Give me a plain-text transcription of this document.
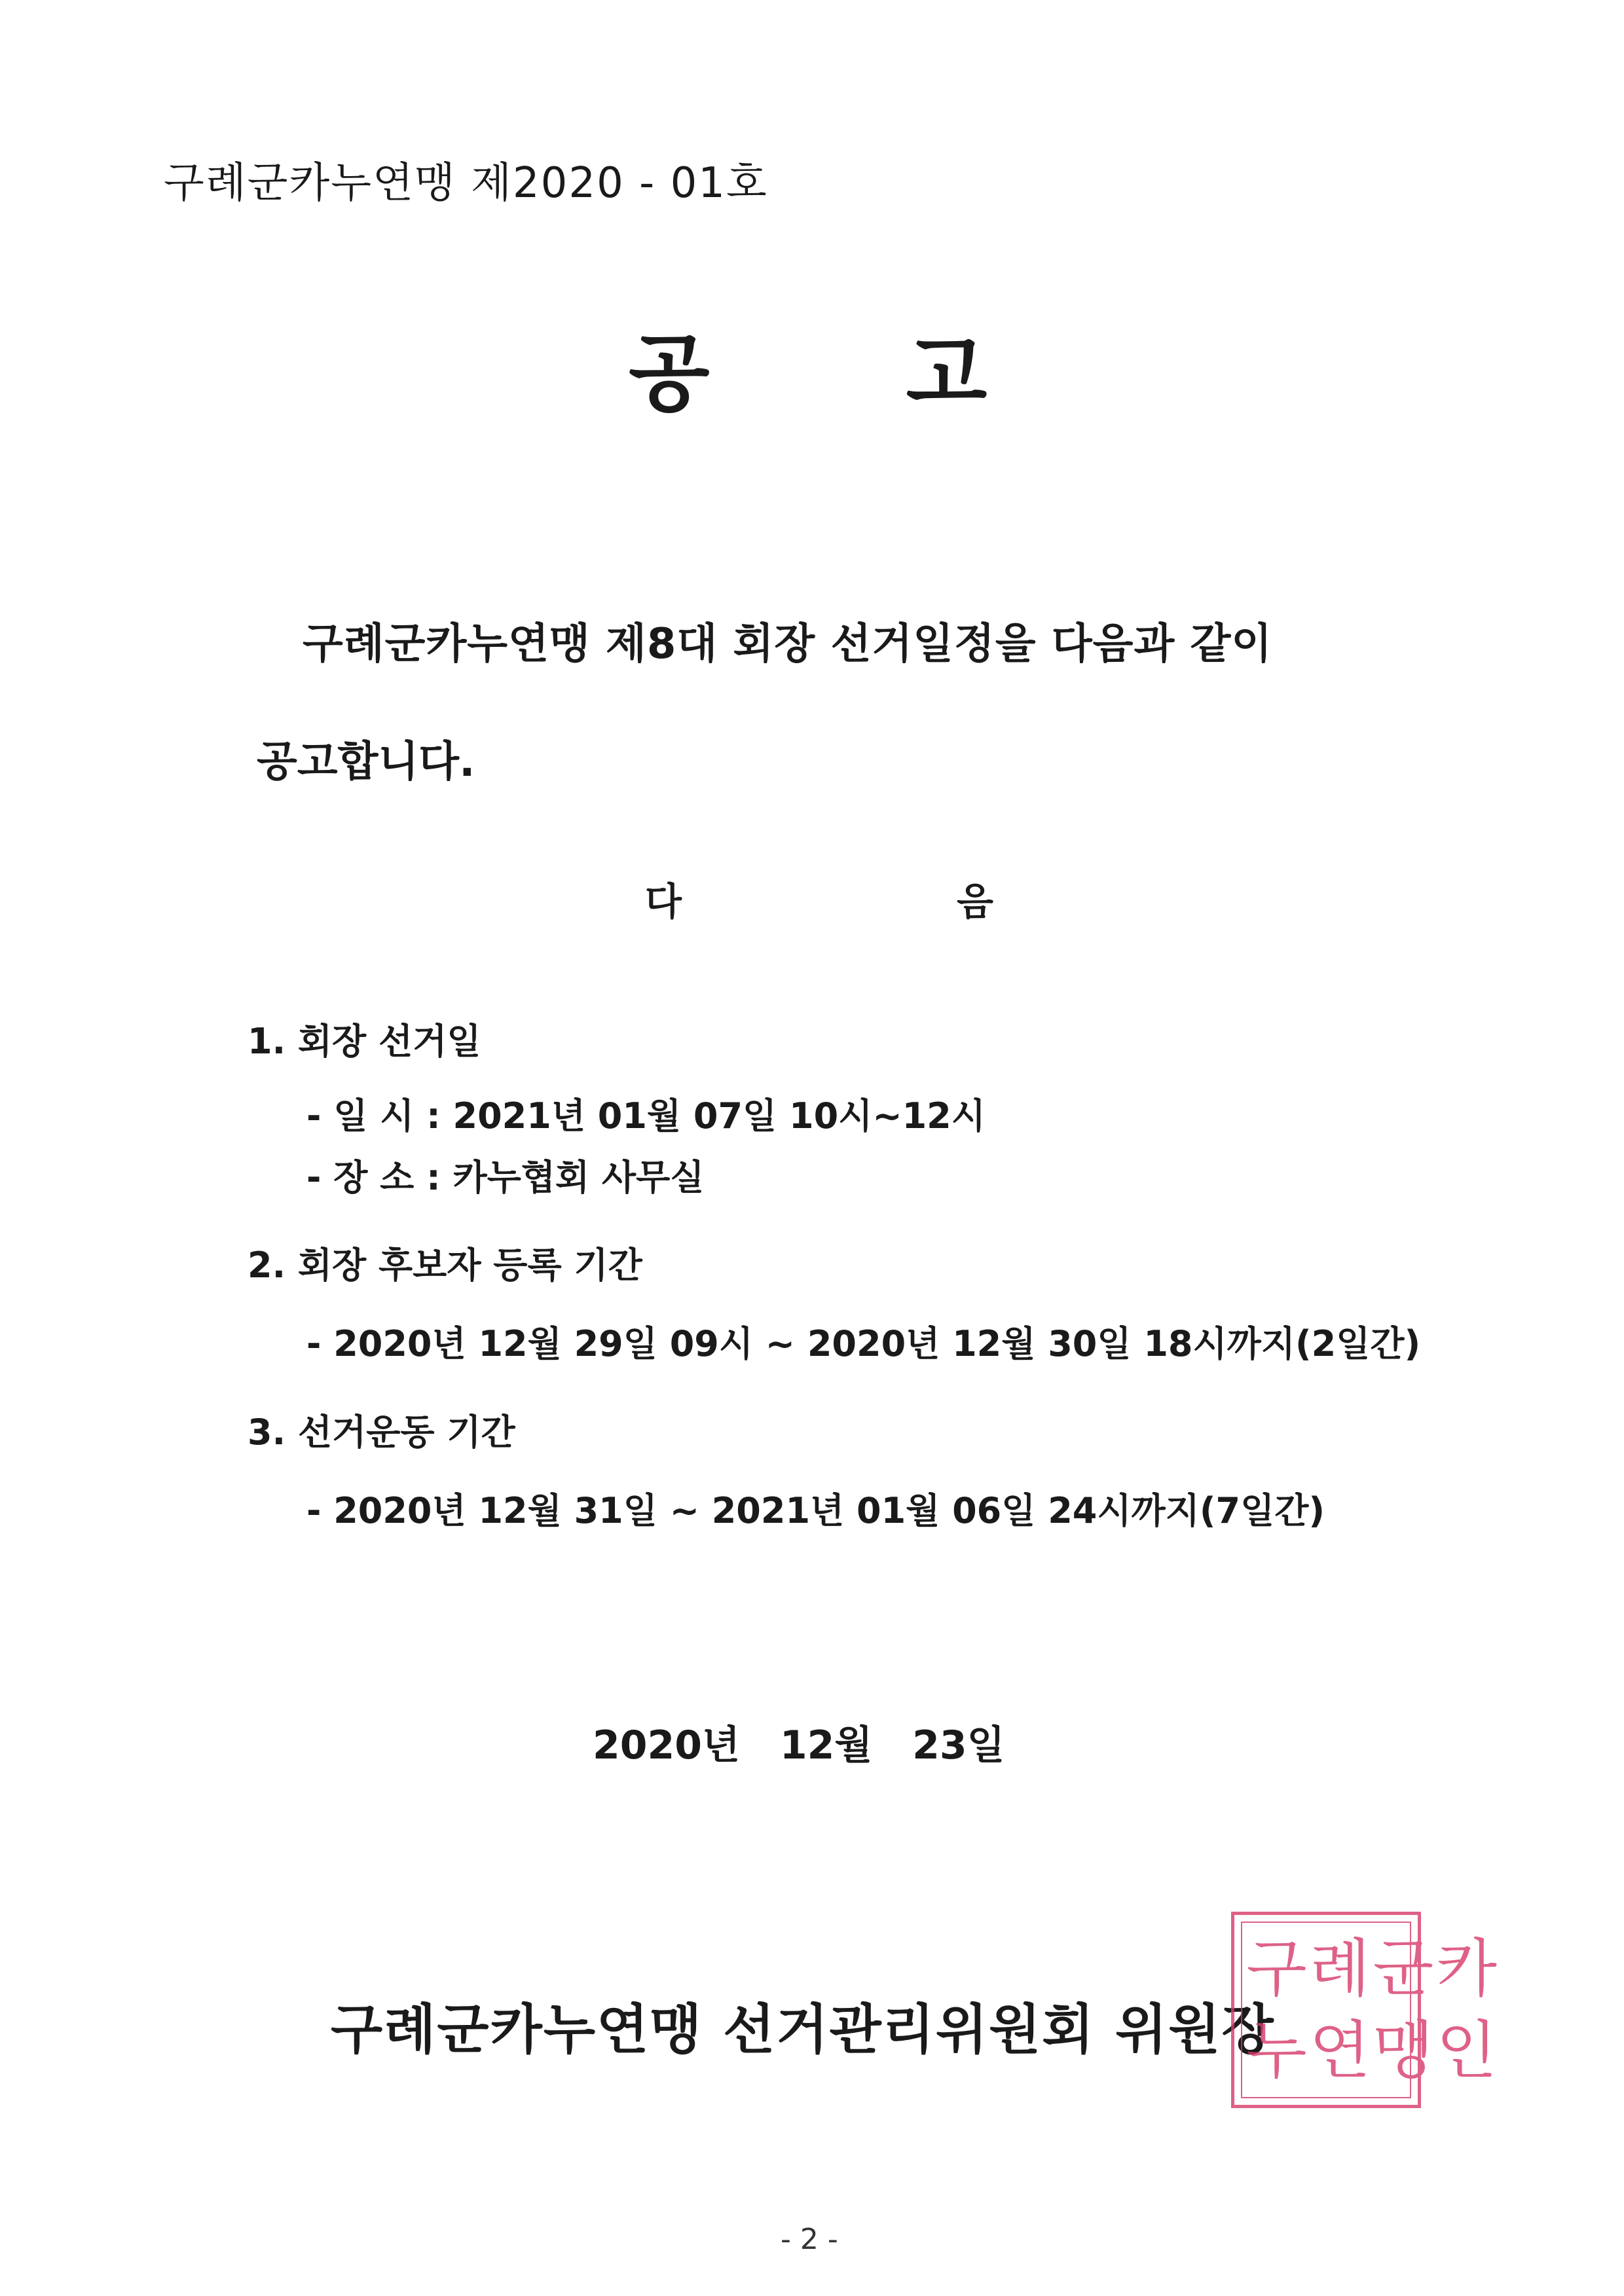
구례군카누연맹 제2020 - 01호
공 고
구례군카누연맹 제8대 회장 선거일정을 다음과 같이
공고합니다.
다	음
1. 회장 선거일
- 일 시 : 2021년 01월 07일 10시~12시
- 장 소 : 카누협회 사무실
2. 회장 후보자 등록 기간
- 2020년 12월 29일 09시 ~ 2020년 12월 30일 18시까지(2일간)
3. 선거운동 기간
- 2020년 12월 31일 ~ 2021년 01월 06일 24시까지(7일간)
2020년 12월 23일
구례군카누연맹 선거관리위원회 위원장
구례군카
누연맹인
- 2 -
